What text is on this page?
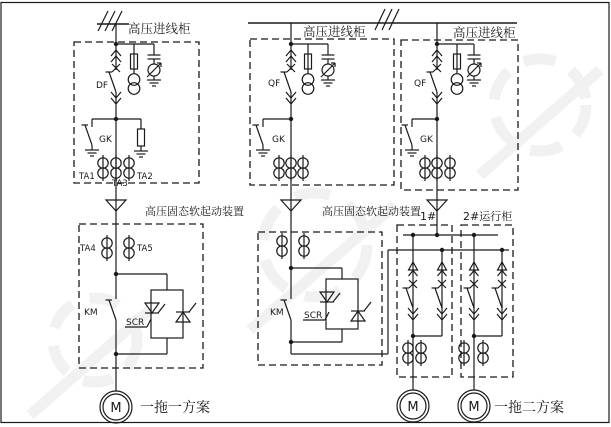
高压进线柜
DF
GK
TA1
TA3
TA2
高压固态软起动装置
TA4	TA5
SCR
KM
M 一拖一方案
高压进线柜
QF
GK
高压固态软起动装置
SCR
KM
高压进线柜
QF
GK
1# 2#运行柜
M	M 一拖二方案
